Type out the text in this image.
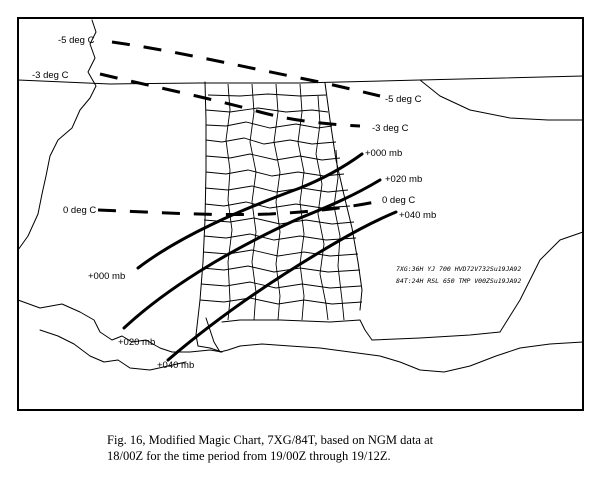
-5 deg C
-3 deg C
-5 deg C
-3 deg C
0 deg C
0 deg C
+000 mb
+020 mb
+040 mb
+000 mb
+020 mb
+040 mb
7XG:36H YJ 700 HVD72V732Su19JA92
84T:24H RSL 650 TMP V00ZSu19JA92

Fig. 16, Modified Magic Chart, 7XG/84T, based on NGM data at
18/00Z for the time period from 19/00Z through 19/12Z.
